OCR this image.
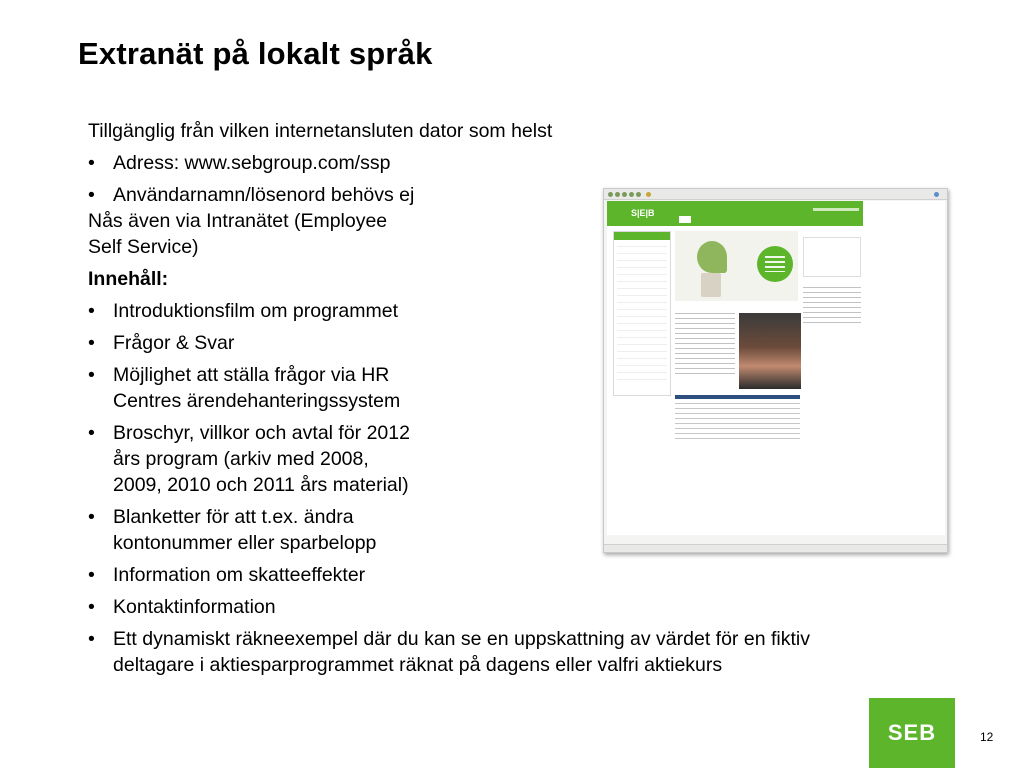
Extranät på lokalt språk
Tillgänglig från vilken internetansluten dator som helst
• Adress: www.sebgroup.com/ssp
• Användarnamn/lösenord behövs ej
Nås även via Intranätet (Employee
Self Service)
Innehåll:
• Introduktionsfilm om programmet
• Frågor & Svar
• Möjlighet att ställa frågor via HR
Centres ärendehanteringssystem
• Broschyr, villkor och avtal för 2012
års program (arkiv med 2008,
2009, 2010 och 2011 års material)
• Blanketter för att t.ex. ändra
kontonummer eller sparbelopp
• Information om skatteeffekter
• Kontaktinformation
• Ett dynamiskt räkneexempel där du kan se en uppskattning av värdet för en fiktiv
deltagare i aktiesparprogrammet räknat på dagens eller valfri aktiekurs
S|E|B
SEB	12
